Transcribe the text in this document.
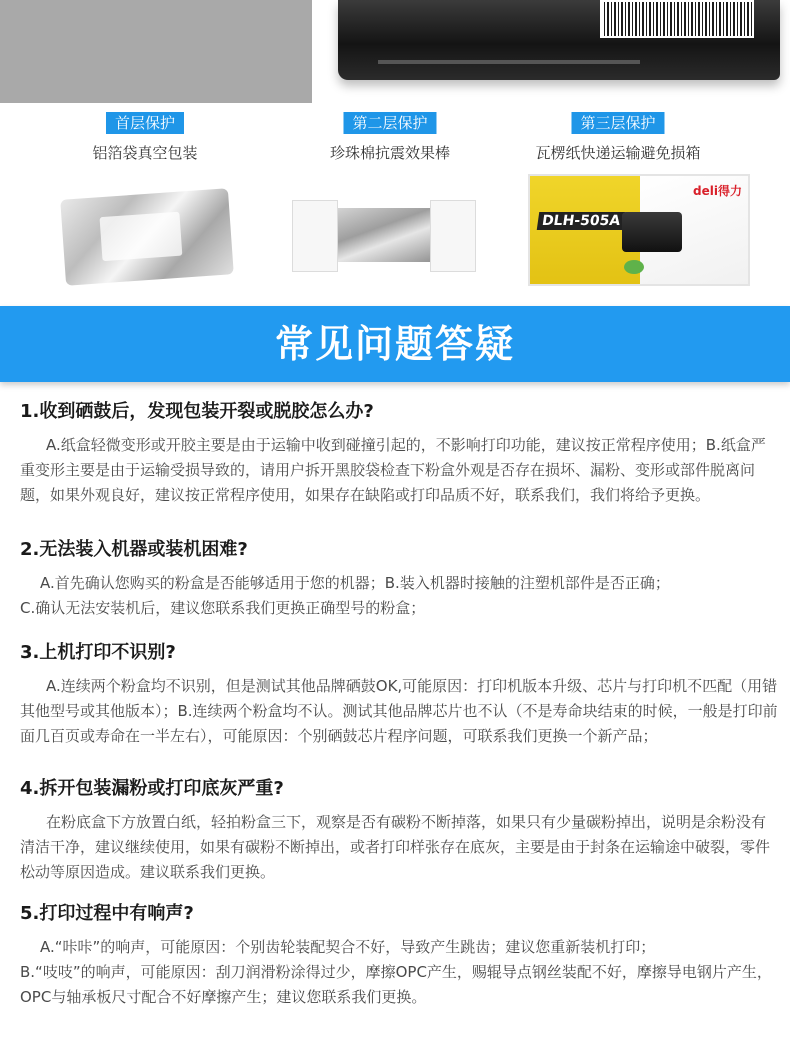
首层保护
铝箔袋真空包装
第二层保护
珍珠棉抗震效果棒
第三层保护
瓦楞纸快递运输避免损箱
DLH-505A
deli得力
常见问题答疑
1.收到硒鼓后，发现包装开裂或脱胶怎么办?
A.纸盒轻微变形或开胶主要是由于运输中收到碰撞引起的，不影响打印功能，建议按正常程序使用；B.纸盒严重变形主要是由于运输受损导致的，请用户拆开黑胶袋检查下粉盒外观是否存在损坏、漏粉、变形或部件脱离问题，如果外观良好，建议按正常程序使用，如果存在缺陷或打印品质不好，联系我们，我们将给予更换。
2.无法装入机器或装机困难?
A.首先确认您购买的粉盒是否能够适用于您的机器；B.装入机器时接触的注塑机部件是否正确；
C.确认无法安装机后，建议您联系我们更换正确型号的粉盒；
3.上机打印不识别?
A.连续两个粉盒均不识别，但是测试其他品牌硒鼓OK,可能原因：打印机版本升级、芯片与打印机不匹配（用错其他型号或其他版本）；B.连续两个粉盒均不认。测试其他品牌芯片也不认（不是寿命块结束的时候，一般是打印前面几百页或寿命在一半左右），可能原因：个别硒鼓芯片程序问题，可联系我们更换一个新产品；
4.拆开包装漏粉或打印底灰严重?
在粉底盒下方放置白纸，轻拍粉盒三下，观察是否有碳粉不断掉落，如果只有少量碳粉掉出，说明是余粉没有清洁干净，建议继续使用，如果有碳粉不断掉出，或者打印样张存在底灰，主要是由于封条在运输途中破裂，零件松动等原因造成。建议联系我们更换。
5.打印过程中有响声?
A.“咔咔”的响声，可能原因：个别齿轮装配契合不好，导致产生跳齿；建议您重新装机打印；
B.“吱吱”的响声，可能原因：刮刀润滑粉涂得过少，摩擦OPC产生，赐辊导点钢丝装配不好，摩擦导电钢片产生，OPC与轴承板尺寸配合不好摩擦产生；建议您联系我们更换。
